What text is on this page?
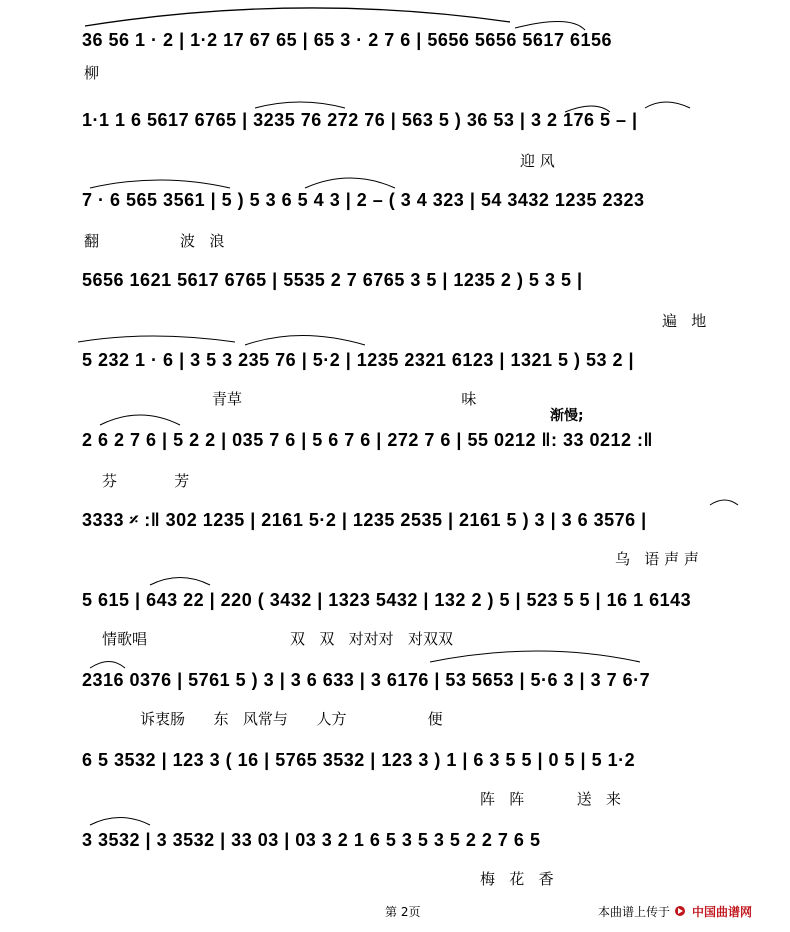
36 56 1 · 2 | 1·2 17 67 65 | 65 3 · 2 7 6 | 5656 5656 5617 6156
柳
1·1 1 6 5617 6765 | 3235 76 272 76 | 563 5 ) 36 53 | 3 2 176 5 – |
迎 风
7 · 6 565 3561 | 5 ) 5 3 6 5 4 3 | 2 – ( 3 4 323 | 54 3432 1235 2323
翻                 波   浪
5656 1621 5617 6765 | 5535 2 7 6765 3 5 | 1235 2 ) 5 3 5 |
遍   地
5 232 1 · 6 | 3 5 3 235 76 | 5·2 | 1235 2321 6123 | 1321 5 ) 53 2 |
青草                                              味
渐慢;
2 6 2 7 6 | 5 2 2 | 035 7 6 | 5 6 7 6 | 272 7 6 | 55 0212 ‖: 33 0212 :‖
芬            芳
3333 𝄎 :‖ 302 1235 | 2161 5·2 | 1235 2535 | 2161 5 ) 3 | 3 6 3576 |
乌   语 声 声
5 615 | 643 22 | 220 ( 3432 | 1323 5432 | 132 2 ) 5 | 523 5 5 | 16 1 6143
情歌唱                              双   双   对对对   对双双
2316 0376 | 5761 5 ) 3 | 3 6 633 | 3 6176 | 53 5653 | 5·6 3 | 3 7 6·7
诉衷肠      东   风常与      人方                 便
6 5 3532 | 123 3 ( 16 | 5765 3532 | 123 3 ) 1 | 6 3 5 5 | 0 5 | 5 1·2
阵   阵           送   来
3 3532 | 3 3532 | 33 03 | 03 3 2 1 6 5 3 5 3 5 2 2 7 6 5
梅   花   香
第 2页	本曲谱上传于 中国曲谱网
